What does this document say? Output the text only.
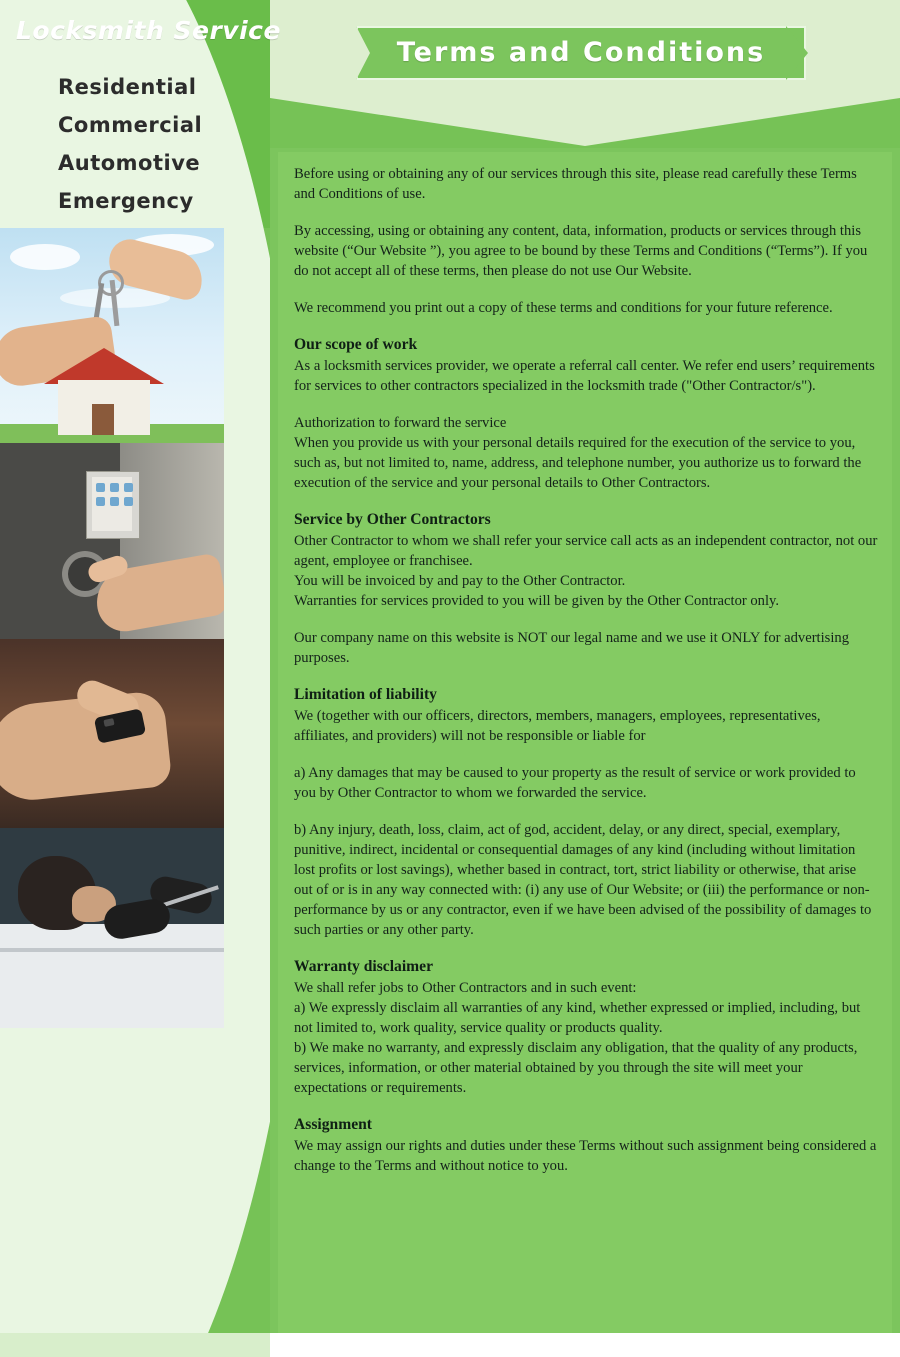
Locksmith Service
Residential
Commercial
Automotive
Emergency
Terms and Conditions

Before using or obtaining any of our services through this site, please read carefully these Terms and Conditions of use.

By accessing, using or obtaining any content, data, information, products or services through this website (“Our Website ”), you agree to be bound by these Terms and Conditions (“Terms”). If you do not accept all of these terms, then please do not use Our Website.

We recommend you print out a copy of these terms and conditions for your future reference.

Our scope of work

As a locksmith services provider, we operate a referral call center. We refer end users’ requirements for services to other contractors specialized in the locksmith trade ("Other Contractor/s").

Authorization to forward the service

When you provide us with your personal details required for the execution of the service to you, such as, but not limited to, name, address, and telephone number, you authorize us to forward the execution of the service and your personal details to Other Contractors.

Service by Other Contractors

Other Contractor to whom we shall refer your service call acts as an independent contractor, not our agent, employee or franchisee.

You will be invoiced by and pay to the Other Contractor.

Warranties for services provided to you will be given by the Other Contractor only.

Our company name on this website is NOT our legal name and we use it ONLY for advertising purposes.

Limitation of liability

We (together with our officers, directors, members, managers, employees, representatives, affiliates, and providers) will not be responsible or liable for

a) Any damages that may be caused to your property as the result of service or work provided to you by Other Contractor to whom we forwarded the service.

b) Any injury, death, loss, claim, act of god, accident, delay, or any direct, special, exemplary, punitive, indirect, incidental or consequential damages of any kind (including without limitation lost profits or lost savings), whether based in contract, tort, strict liability or otherwise, that arise out of or is in any way connected with: (i) any use of Our Website; or (iii) the performance or non-performance by us or any contractor, even if we have been advised of the possibility of damages to such parties or any other party.

Warranty disclaimer

We shall refer jobs to Other Contractors and in such event:

a) We expressly disclaim all warranties of any kind, whether expressed or implied, including, but not limited to, work quality, service quality or products quality.

b) We make no warranty, and expressly disclaim any obligation, that the quality of any products, services, information, or other material obtained by you through the site will meet your expectations or requirements.

Assignment

We may assign our rights and duties under these Terms without such assignment being considered a change to the Terms and without notice to you.
